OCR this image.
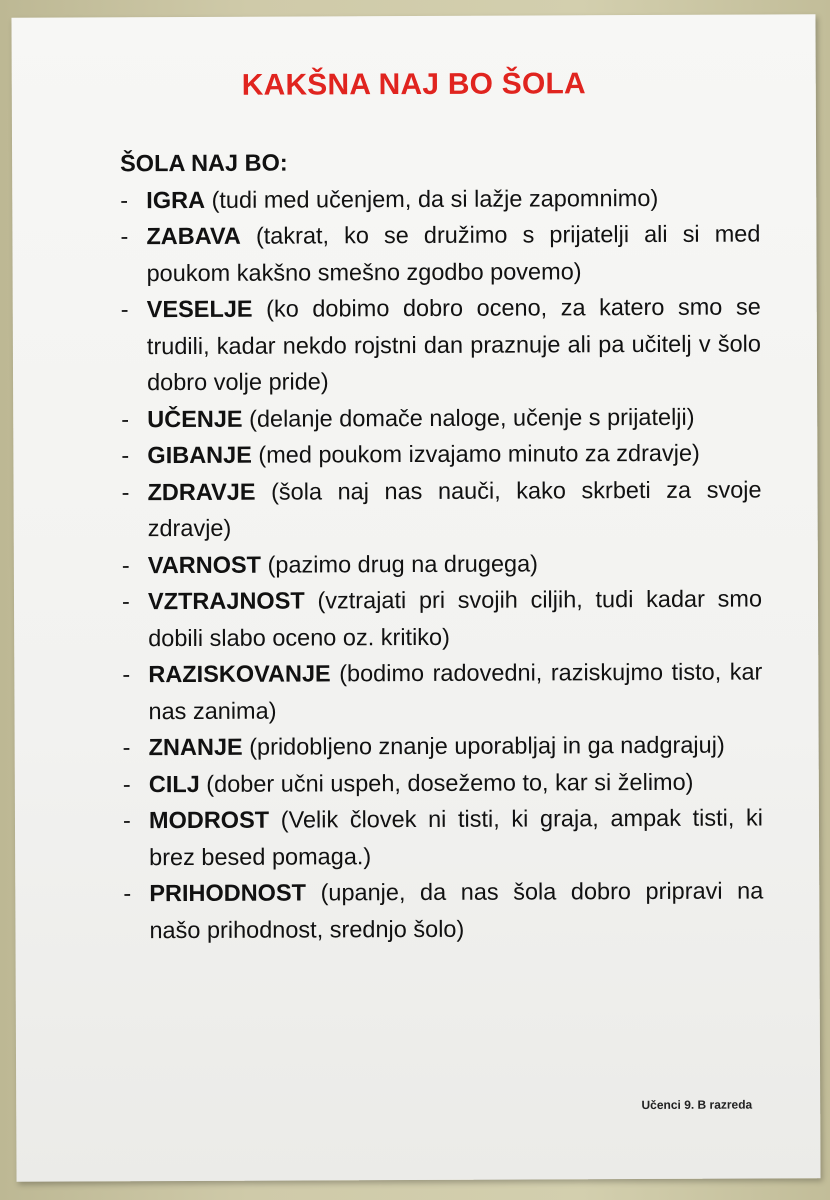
KAKŠNA NAJ BO ŠOLA
ŠOLA NAJ BO:
- IGRA (tudi med učenjem, da si lažje zapomnimo)
- ZABAVA (takrat, ko se družimo s prijatelji ali si med poukom kakšno smešno zgodbo povemo)
- VESELJE (ko dobimo dobro oceno, za katero smo se trudili, kadar nekdo rojstni dan praznuje ali pa učitelj v šolo dobro volje pride)
- UČENJE (delanje domače naloge, učenje s prijatelji)
- GIBANJE (med poukom izvajamo minuto za zdravje)
- ZDRAVJE (šola naj nas nauči, kako skrbeti za svoje zdravje)
- VARNOST (pazimo drug na drugega)
- VZTRAJNOST (vztrajati pri svojih ciljih, tudi kadar smo dobili slabo oceno oz. kritiko)
- RAZISKOVANJE (bodimo radovedni, raziskujmo tisto, kar nas zanima)
- ZNANJE (pridobljeno znanje uporabljaj in ga nadgrajuj)
- CILJ (dober učni uspeh, dosežemo to, kar si želimo)
- MODROST (Velik človek ni tisti, ki graja, ampak tisti, ki brez besed pomaga.)
- PRIHODNOST (upanje, da nas šola dobro pripravi na našo prihodnost, srednjo šolo)
Učenci 9. B razreda
